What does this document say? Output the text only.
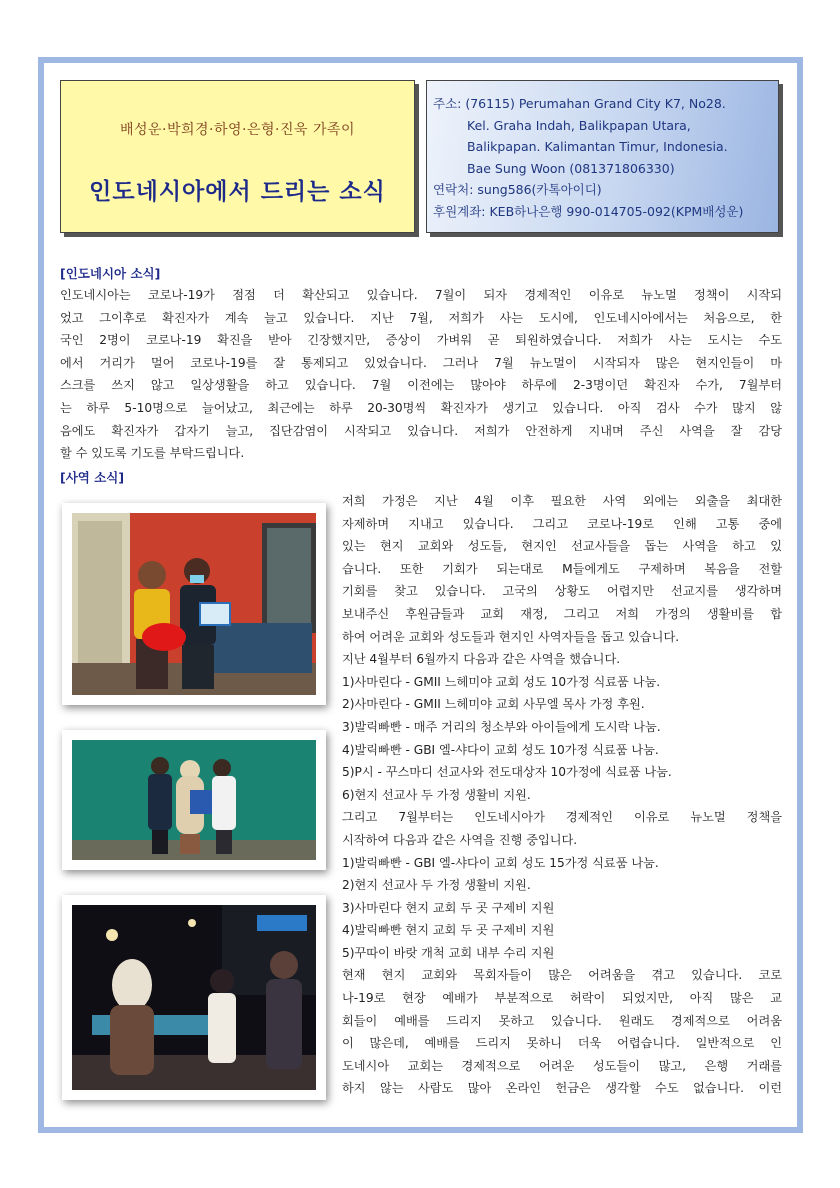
배성운·박희경·하영·은형·진욱 가족이
인도네시아에서 드리는 소식
주소: (76115) Perumahan Grand City K7, No28.
Kel. Graha Indah, Balikpapan Utara,
Balikpapan. Kalimantan Timur, Indonesia.
Bae Sung Woon (081371806330)
연락처: sung586(카톡아이디)
후원계좌: KEB하나은행 990-014705-092(KPM배성운)
[인도네시아 소식]
인도네시아는 코로나-19가 점점 더 확산되고 있습니다. 7월이 되자 경제적인 이유로 뉴노멀 정책이 시작되
었고 그이후로 확진자가 계속 늘고 있습니다. 지난 7월, 저희가 사는 도시에, 인도네시아에서는 처음으로, 한
국인 2명이 코로나-19 확진을 받아 긴장했지만, 증상이 가벼워 곧 퇴원하였습니다. 저희가 사는 도시는 수도
에서 거리가 멀어 코로나-19를 잘 통제되고 있었습니다. 그러나 7월 뉴노멀이 시작되자 많은 현지인들이 마
스크를 쓰지 않고 일상생활을 하고 있습니다. 7월 이전에는 많아야 하루에 2-3명이던 확진자 수가, 7월부터
는 하루 5-10명으로 늘어났고, 최근에는 하루 20-30명씩 확진자가 생기고 있습니다. 아직 검사 수가 많지 않
음에도 확진자가 갑자기 늘고, 집단감염이 시작되고 있습니다. 저희가 안전하게 지내며 주신 사역을 잘 감당
할 수 있도록 기도를 부탁드립니다.
[사역 소식]
저희 가정은 지난 4월 이후 필요한 사역 외에는 외출을 최대한
자제하며 지내고 있습니다. 그리고 코로나-19로 인해 고통 중에
있는 현지 교회와 성도들, 현지인 선교사들을 돕는 사역을 하고 있
습니다. 또한 기회가 되는대로 M들에게도 구제하며 복음을 전할
기회를 찾고 있습니다. 고국의 상황도 어렵지만 선교지를 생각하며
보내주신 후원금들과 교회 재정, 그리고 저희 가정의 생활비를 합
하여 어려운 교회와 성도들과 현지인 사역자들을 돕고 있습니다.
지난 4월부터 6월까지 다음과 같은 사역을 했습니다.
1)사마린다 - GMII 느헤미야 교회 성도 10가정 식료품 나눔.
2)사마린다 - GMII 느헤미야 교회 사무엘 목사 가정 후원.
3)발릭빠빤 - 매주 거리의 청소부와 아이들에게 도시락 나눔.
4)발릭빠빤 - GBI 엘-샤다이 교회 성도 10가정 식료품 나눔.
5)P시 - 꾸스마디 선교사와 전도대상자 10가정에 식료품 나눔.
6)현지 선교사 두 가정 생활비 지원.
그리고 7월부터는 인도네시아가 경제적인 이유로 뉴노멀 정책을
시작하여 다음과 같은 사역을 진행 중입니다.
1)발릭빠빤 - GBI 엘-샤다이 교회 성도 15가정 식료품 나눔.
2)현지 선교사 두 가정 생활비 지원.
3)사마린다 현지 교회 두 곳 구제비 지원
4)발릭빠빤 현지 교회 두 곳 구제비 지원
5)꾸따이 바랏 개척 교회 내부 수리 지원
현재 현지 교회와 목회자들이 많은 어려움을 겪고 있습니다. 코로
나-19로 현장 예배가 부분적으로 허락이 되었지만, 아직 많은 교
회들이 예배를 드리지 못하고 있습니다. 원래도 경제적으로 어려움
이 많은데, 예배를 드리지 못하니 더욱 어렵습니다. 일반적으로 인
도네시아 교회는 경제적으로 어려운 성도들이 많고, 은행 거래를
하지 않는 사람도 많아 온라인 헌금은 생각할 수도 없습니다. 이런
